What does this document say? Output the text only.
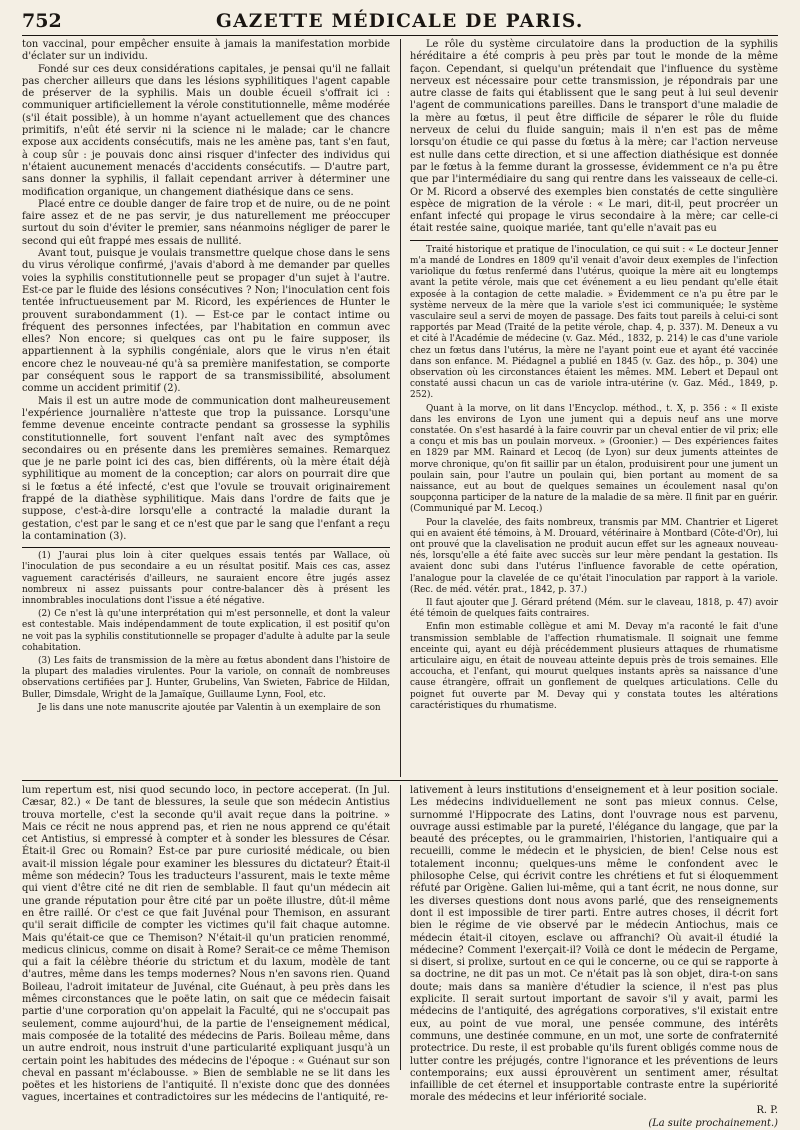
752	GAZETTE MÉDICALE DE PARIS.

ton vaccinal, pour empêcher ensuite à jamais la manifestation morbide d'éclater sur un individu.

Fondé sur ces deux considérations capitales, je pensai qu'il ne fallait pas chercher ailleurs que dans les lésions syphilitiques l'agent capable de préserver de la syphilis. Mais un double écueil s'offrait ici : communiquer artificiellement la vérole constitutionnelle, même modérée (s'il était possible), à un homme n'ayant actuellement que des chances primitifs, n'eût été servir ni la science ni le malade; car le chancre expose aux accidents consécutifs, mais ne les amène pas, tant s'en faut, à coup sûr : je pouvais donc ainsi risquer d'infecter des individus qui n'étaient aucunement menacés d'accidents consécutifs. — D'autre part, sans donner la syphilis, il fallait cependant arriver à déterminer une modification organique, un changement diathésique dans ce sens.

Placé entre ce double danger de faire trop et de nuire, ou de ne point faire assez et de ne pas servir, je dus naturellement me préoccuper surtout du soin d'éviter le premier, sans néanmoins négliger de parer le second qui eût frappé mes essais de nullité.

Avant tout, puisque je voulais transmettre quelque chose dans le sens du virus vérolique confirmé, j'avais d'abord à me demander par quelles voies la syphilis constitutionnelle peut se propager d'un sujet à l'autre. Est-ce par le fluide des lésions consécutives ? Non; l'inoculation cent fois tentée infructueusement par M. Ricord, les expériences de Hunter le prouvent surabondamment (1). — Est-ce par le contact intime ou fréquent des personnes infectées, par l'habitation en commun avec elles? Non encore; si quelques cas ont pu le faire supposer, ils appartiennent à la syphilis congéniale, alors que le virus n'en était encore chez le nouveau-né qu'à sa première manifestation, se comporte par conséquent sous le rapport de sa transmissibilité, absolument comme un accident primitif (2).

Mais il est un autre mode de communication dont malheureusement l'expérience journalière n'atteste que trop la puissance. Lorsqu'une femme devenue enceinte contracte pendant sa grossesse la syphilis constitutionnelle, fort souvent l'enfant naît avec des symptômes secondaires ou en présente dans les premières semaines. Remarquez que je ne parle point ici des cas, bien différents, où la mère était déjà syphilitique au moment de la conception; car alors on pourrait dire que si le fœtus a été infecté, c'est que l'ovule se trouvait originairement frappé de la diathèse syphilitique. Mais dans l'ordre de faits que je suppose, c'est-à-dire lorsqu'elle a contracté la maladie durant la gestation, c'est par le sang et ce n'est que par le sang que l'enfant a reçu la contamination (3).

(1) J'aurai plus loin à citer quelques essais tentés par Wallace, où l'inoculation de pus secondaire a eu un résultat positif. Mais ces cas, assez vaguement caractérisés d'ailleurs, ne sauraient encore être jugés assez nombreux ni assez puissants pour contre-balancer dès à présent les innombrables inoculations dont l'issue a été négative.

(2) Ce n'est là qu'une interprétation qui m'est personnelle, et dont la valeur est contestable. Mais indépendamment de toute explication, il est positif qu'on ne voit pas la syphilis constitutionnelle se propager d'adulte à adulte par la seule cohabitation.

(3) Les faits de transmission de la mère au fœtus abondent dans l'histoire de la plupart des maladies virulentes. Pour la variole, on connaît de nombreuses observations certifiées par J. Hunter, Grubelins, Van Swieten, Fabrice de Hildan, Buller, Dimsdale, Wright de la Jamaïque, Guillaume Lynn, Fool, etc.

Je lis dans une note manuscrite ajoutée par Valentin à un exemplaire de son

Le rôle du système circulatoire dans la production de la syphilis héréditaire a été compris à peu près par tout le monde de la même façon. Cependant, si quelqu'un prétendait que l'influence du système nerveux est nécessaire pour cette transmission, je répondrais par une autre classe de faits qui établissent que le sang peut à lui seul devenir l'agent de communications pareilles. Dans le transport d'une maladie de la mère au fœtus, il peut être difficile de séparer le rôle du fluide nerveux de celui du fluide sanguin; mais il n'en est pas de même lorsqu'on étudie ce qui passe du fœtus à la mère; car l'action nerveuse est nulle dans cette direction, et si une affection diathésique est donnée par le fœtus à la femme durant la grossesse, évidemment ce n'a pu être que par l'intermédiaire du sang qui rentre dans les vaisseaux de celle-ci. Or M. Ricord a observé des exemples bien constatés de cette singulière espèce de migration de la vérole : « Le mari, dit-il, peut procréer un enfant infecté qui propage le virus secondaire à la mère; car celle-ci était restée saine, quoique mariée, tant qu'elle n'avait pas eu

Traité historique et pratique de l'inoculation, ce qui suit : « Le docteur Jenner m'a mandé de Londres en 1809 qu'il venait d'avoir deux exemples de l'infection variolique du fœtus renfermé dans l'utérus, quoique la mère ait eu longtemps avant la petite vérole, mais que cet événement a eu lieu pendant qu'elle était exposée à la contagion de cette maladie. » Évidemment ce n'a pu être par le système nerveux de la mère que la variole s'est ici communiquée; le système vasculaire seul a servi de moyen de passage. Des faits tout pareils à celui-ci sont rapportés par Mead (Traité de la petite vérole, chap. 4, p. 337). M. Deneux a vu et cité à l'Académie de médecine (v. Gaz. Méd., 1832, p. 214) le cas d'une variole chez un fœtus dans l'utérus, la mère ne l'ayant point eue et ayant été vaccinée dans son enfance. M. Piédagnel a publié en 1845 (v. Gaz. des hôp., p. 304) une observation où les circonstances étaient les mêmes. MM. Lebert et Depaul ont constaté aussi chacun un cas de variole intra-utérine (v. Gaz. Méd., 1849, p. 252).

Quant à la morve, on lit dans l'Encyclop. méthod., t. X, p. 356 : « Il existe dans les environs de Lyon une jument qui a depuis neuf ans une morve constatée. On s'est hasardé à la faire couvrir par un cheval entier de vil prix; elle a conçu et mis bas un poulain morveux. » (Groonier.) — Des expériences faites en 1829 par MM. Rainard et Lecoq (de Lyon) sur deux juments atteintes de morve chronique, qu'on fit saillir par un étalon, produisirent pour une jument un poulain sain, pour l'autre un poulain qui, bien portant au moment de sa naissance, eut au bout de quelques semaines un écoulement nasal qu'on soupçonna participer de la nature de la maladie de sa mère. Il finit par en guérir. (Communiqué par M. Lecoq.)

Pour la clavelée, des faits nombreux, transmis par MM. Chantrier et Ligeret qui en avaient été témoins, à M. Drouard, vétérinaire à Montbard (Côte-d'Or), lui ont prouvé que la clavelisation ne produit aucun effet sur les agneaux nouveau-nés, lorsqu'elle a été faite avec succès sur leur mère pendant la gestation. Ils avaient donc subi dans l'utérus l'influence favorable de cette opération, l'analogue pour la clavelée de ce qu'était l'inoculation par rapport à la variole. (Rec. de méd. vétér. prat., 1842, p. 37.)

Il faut ajouter que J. Gérard prétend (Mém. sur le claveau, 1818, p. 47) avoir été témoin de quelques faits contraires.

Enfin mon estimable collègue et ami M. Devay m'a raconté le fait d'une transmission semblable de l'affection rhumatismale. Il soignait une femme enceinte qui, ayant eu déjà précédemment plusieurs attaques de rhumatisme articulaire aigu, en était de nouveau atteinte depuis près de trois semaines. Elle accoucha, et l'enfant, qui mourut quelques instants après sa naissance d'une cause étrangère, offrait un gonflement de quelques articulations. Celle du poignet fut ouverte par M. Devay qui y constata toutes les altérations caractéristiques du rhumatisme.

lum repertum est, nisi quod secundo loco, in pectore acceperat. (In Jul. Cæsar, 82.) « De tant de blessures, la seule que son médecin Antistius trouva mortelle, c'est la seconde qu'il avait reçue dans la poitrine. » Mais ce récit ne nous apprend pas, et rien ne nous apprend ce qu'était cet Antistius, si empressé à compter et à sonder les blessures de César. Était-il Grec ou Romain? Est-ce par pure curiosité médicale, ou bien avait-il mission légale pour examiner les blessures du dictateur? Était-il même son médecin? Tous les traducteurs l'assurent, mais le texte même qui vient d'être cité ne dit rien de semblable. Il faut qu'un médecin ait une grande réputation pour être cité par un poëte illustre, dût-il même en être raillé. Or c'est ce que fait Juvénal pour Themison, en assurant qu'il serait difficile de compter les victimes qu'il fait chaque automne. Mais qu'était-ce que ce Themison? N'était-il qu'un praticien renommé, medicus clinicus, comme on disait à Rome? Serait-ce ce même Themison qui a fait la célèbre théorie du strictum et du laxum, modèle de tant d'autres, même dans les temps modernes? Nous n'en savons rien. Quand Boileau, l'adroit imitateur de Juvénal, cite Guénaut, à peu près dans les mêmes circonstances que le poëte latin, on sait que ce médecin faisait partie d'une corporation qu'on appelait la Faculté, qui ne s'occupait pas seulement, comme aujourd'hui, de la partie de l'enseignement médical, mais composée de la totalité des médecins de Paris. Boileau même, dans un autre endroit, nous instruit d'une particularité expliquant jusqu'à un certain point les habitudes des médecins de l'époque : « Guénaut sur son cheval en passant m'éclabousse. » Bien de semblable ne se lit dans les poëtes et les historiens de l'antiquité. Il n'existe donc que des données vagues, incertaines et contradictoires sur les médecins de l'antiquité, re-

lativement à leurs institutions d'enseignement et à leur position sociale. Les médecins individuellement ne sont pas mieux connus. Celse, surnommé l'Hippocrate des Latins, dont l'ouvrage nous est parvenu, ouvrage aussi estimable par la pureté, l'élégance du langage, que par la beauté des préceptes, ou le grammairien, l'historien, l'antiquaire qui a recueilli, comme le médecin et le physicien, de bien! Celse nous est totalement inconnu; quelques-uns même le confondent avec le philosophe Celse, qui écrivit contre les chrétiens et fut si éloquemment réfuté par Origène. Galien lui-même, qui a tant écrit, ne nous donne, sur les diverses questions dont nous avons parlé, que des renseignements dont il est impossible de tirer parti. Entre autres choses, il décrit fort bien le régime de vie observé par le médecin Antiochus, mais ce médecin était-il citoyen, esclave ou affranchi? Où avait-il étudié la médecine? Comment l'exerçait-il? Voilà ce dont le médecin de Pergame, si disert, si prolixe, surtout en ce qui le concerne, ou ce qui se rapporte à sa doctrine, ne dit pas un mot. Ce n'était pas là son objet, dira-t-on sans doute; mais dans sa manière d'étudier la science, il n'est pas plus explicite. Il serait surtout important de savoir s'il y avait, parmi les médecins de l'antiquité, des agrégations corporatives, s'il existait entre eux, au point de vue moral, une pensée commune, des intérêts communs, une destinée commune, en un mot, une sorte de confraternité protectrice. Du reste, il est probable qu'ils furent obligés comme nous de lutter contre les préjugés, contre l'ignorance et les préventions de leurs contemporains; eux aussi éprouvèrent un sentiment amer, résultat infaillible de cet éternel et insupportable contraste entre la supériorité morale des médecins et leur infériorité sociale.

R. P.

(La suite prochainement.)
